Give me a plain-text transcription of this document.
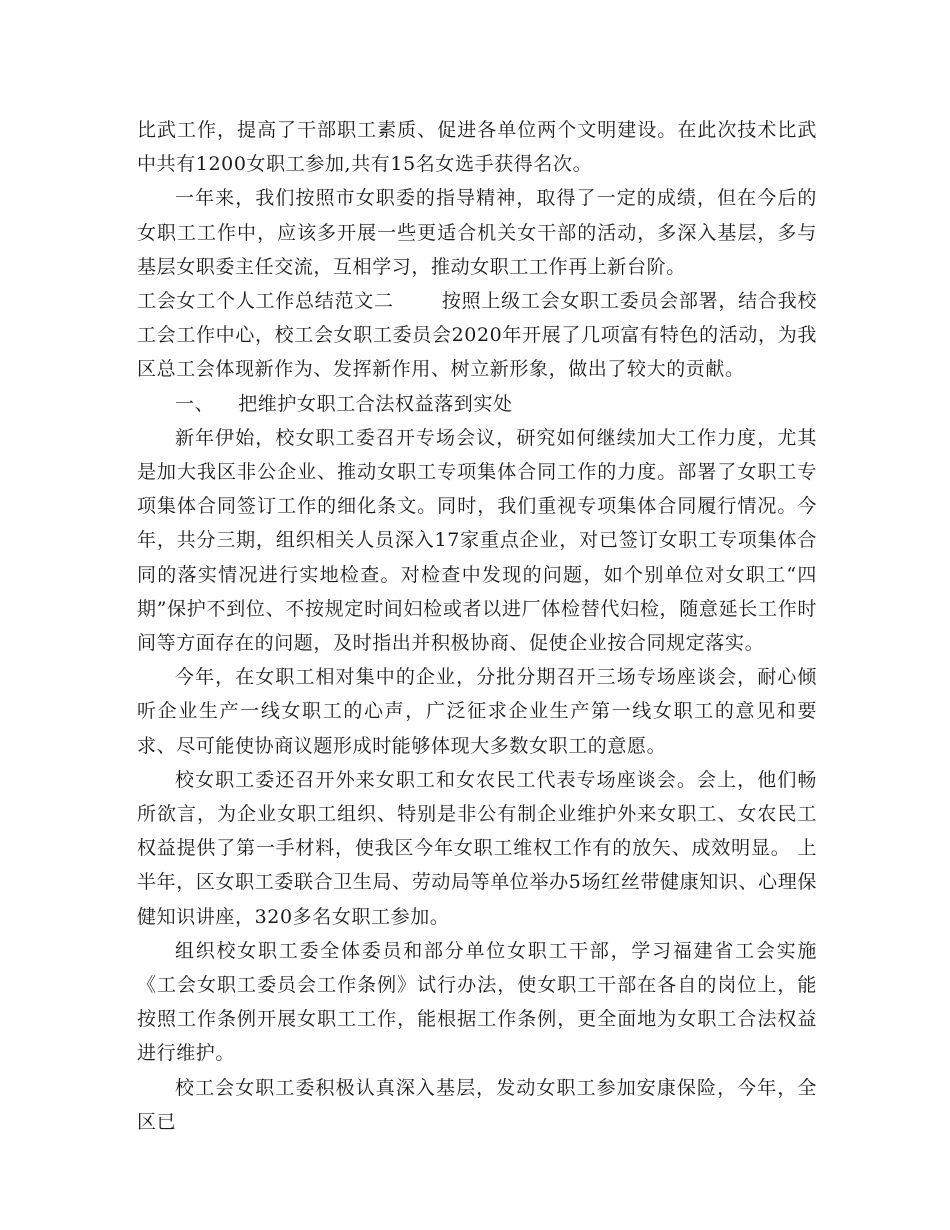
比武工作，提高了干部职工素质、促进各单位两个文明建设。在此次技术比武中共有1200女职工参加,共有15名女选手获得名次。

一年来，我们按照市女职委的指导精神，取得了一定的成绩，但在今后的女职工工作中，应该多开展一些更适合机关女干部的活动，多深入基层，多与基层女职委主任交流，互相学习，推动女职工工作再上新台阶。

工会女工个人工作总结范文二	按照上级工会女职工委员会部署，结合我校工会工作中心，校工会女职工委员会2020年开展了几项富有特色的活动，为我区总工会体现新作为、发挥新作用、树立新形象，做出了较大的贡献。

一、 把维护女职工合法权益落到实处

新年伊始，校女职工委召开专场会议，研究如何继续加大工作力度，尤其是加大我区非公企业、推动女职工专项集体合同工作的力度。部署了女职工专项集体合同签订工作的细化条文。同时，我们重视专项集体合同履行情况。今年，共分三期，组织相关人员深入17家重点企业，对已签订女职工专项集体合同的落实情况进行实地检查。对检查中发现的问题，如个别单位对女职工“四期”保护不到位、不按规定时间妇检或者以进厂体检替代妇检，随意延长工作时间等方面存在的问题，及时指出并积极协商、促使企业按合同规定落实。

今年，在女职工相对集中的企业，分批分期召开三场专场座谈会，耐心倾听企业生产一线女职工的心声，广泛征求企业生产第一线女职工的意见和要求、尽可能使协商议题形成时能够体现大多数女职工的意愿。

校女职工委还召开外来女职工和女农民工代表专场座谈会。会上，他们畅所欲言，为企业女职工组织、特别是非公有制企业维护外来女职工、女农民工权益提供了第一手材料，使我区今年女职工维权工作有的放矢、成效明显。 上半年，区女职工委联合卫生局、劳动局等单位举办5场红丝带健康知识、心理保健知识讲座，320多名女职工参加。

组织校女职工委全体委员和部分单位女职工干部，学习福建省工会实施《工会女职工委员会工作条例》试行办法，使女职工干部在各自的岗位上，能按照工作条例开展女职工工作，能根据工作条例，更全面地为女职工合法权益进行维护。

校工会女职工委积极认真深入基层，发动女职工参加安康保险，今年，全区已
